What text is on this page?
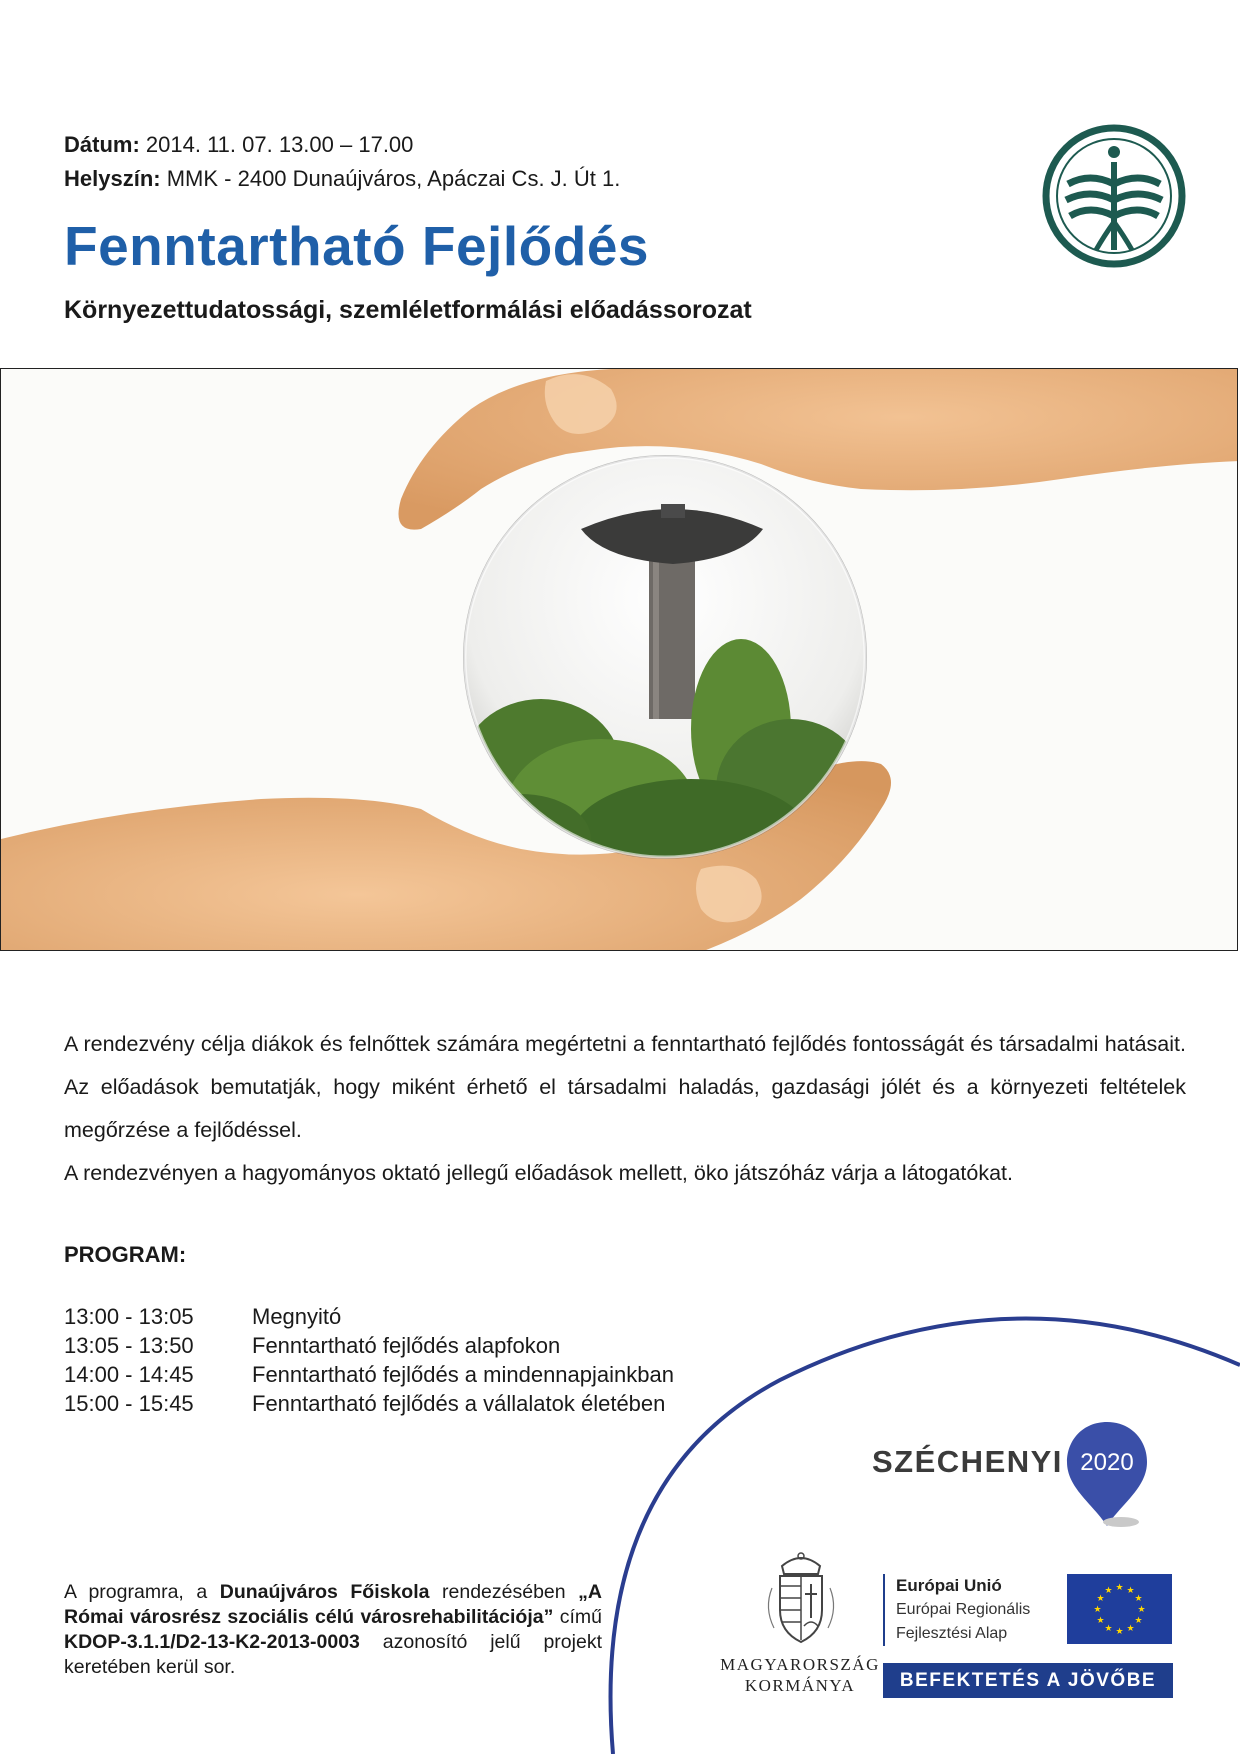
Dátum: 2014. 11. 07. 13.00 – 17.00
Helyszín: MMK - 2400 Dunaújváros, Apáczai Cs. J. Út 1.
Fenntartható Fejlődés
Környezettudatossági, szemléletformálási előadássorozat

A rendezvény célja diákok és felnőttek számára megértetni a fenntartható fejlődés fontosságát és társadalmi hatásait. Az előadások bemutatják, hogy miként érhető el társadalmi haladás, gazdasági jólét és a környezeti feltételek megőrzése a fejlődéssel.

A rendezvényen a hagyományos oktató jellegű előadások mellett, öko játszóház várja a látogatókat.

PROGRAM:
13:00 - 13:05	Megnyitó
13:05 - 13:50	Fenntartható fejlődés alapfokon
14:00 - 14:45	Fenntartható fejlődés a mindennapjainkban
15:00 - 15:45	Fenntartható fejlődés a vállalatok életében
A programra, a Dunaújváros Főiskola rendezésében „A Római városrész szociális célú városrehabilitációja” című KDOP-3.1.1/D2-13-K2-2013-0003 azonosító jelű projekt keretében kerül sor.
SZÉCHENYI 2020
MAGYARORSZÁG
KORMÁNYA
Európai Unió
Európai Regionális
Fejlesztési Alap
★ ★
★
★
★
★
★
★
★
★
★
★
BEFEKTETÉS A JÖVŐBE
